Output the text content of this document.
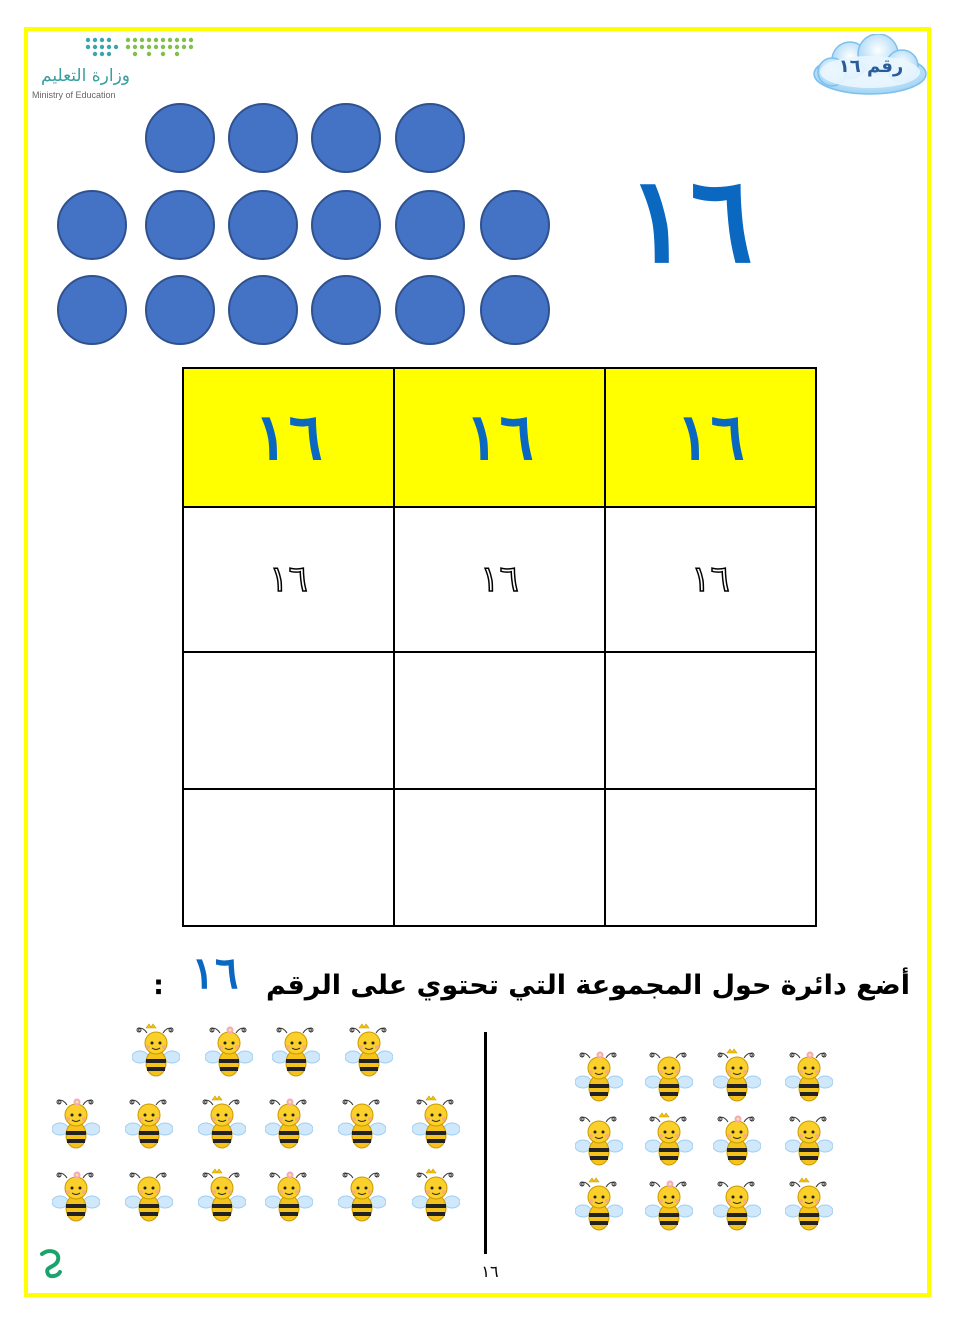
وزارة التعليم
Ministry of Education
رقم ١٦
١٦
١٦	١٦	١٦
١٦	١٦	١٦

أضع دائرة حول المجموعة التي تحتوي على الرقم ١٦ :
١٦
